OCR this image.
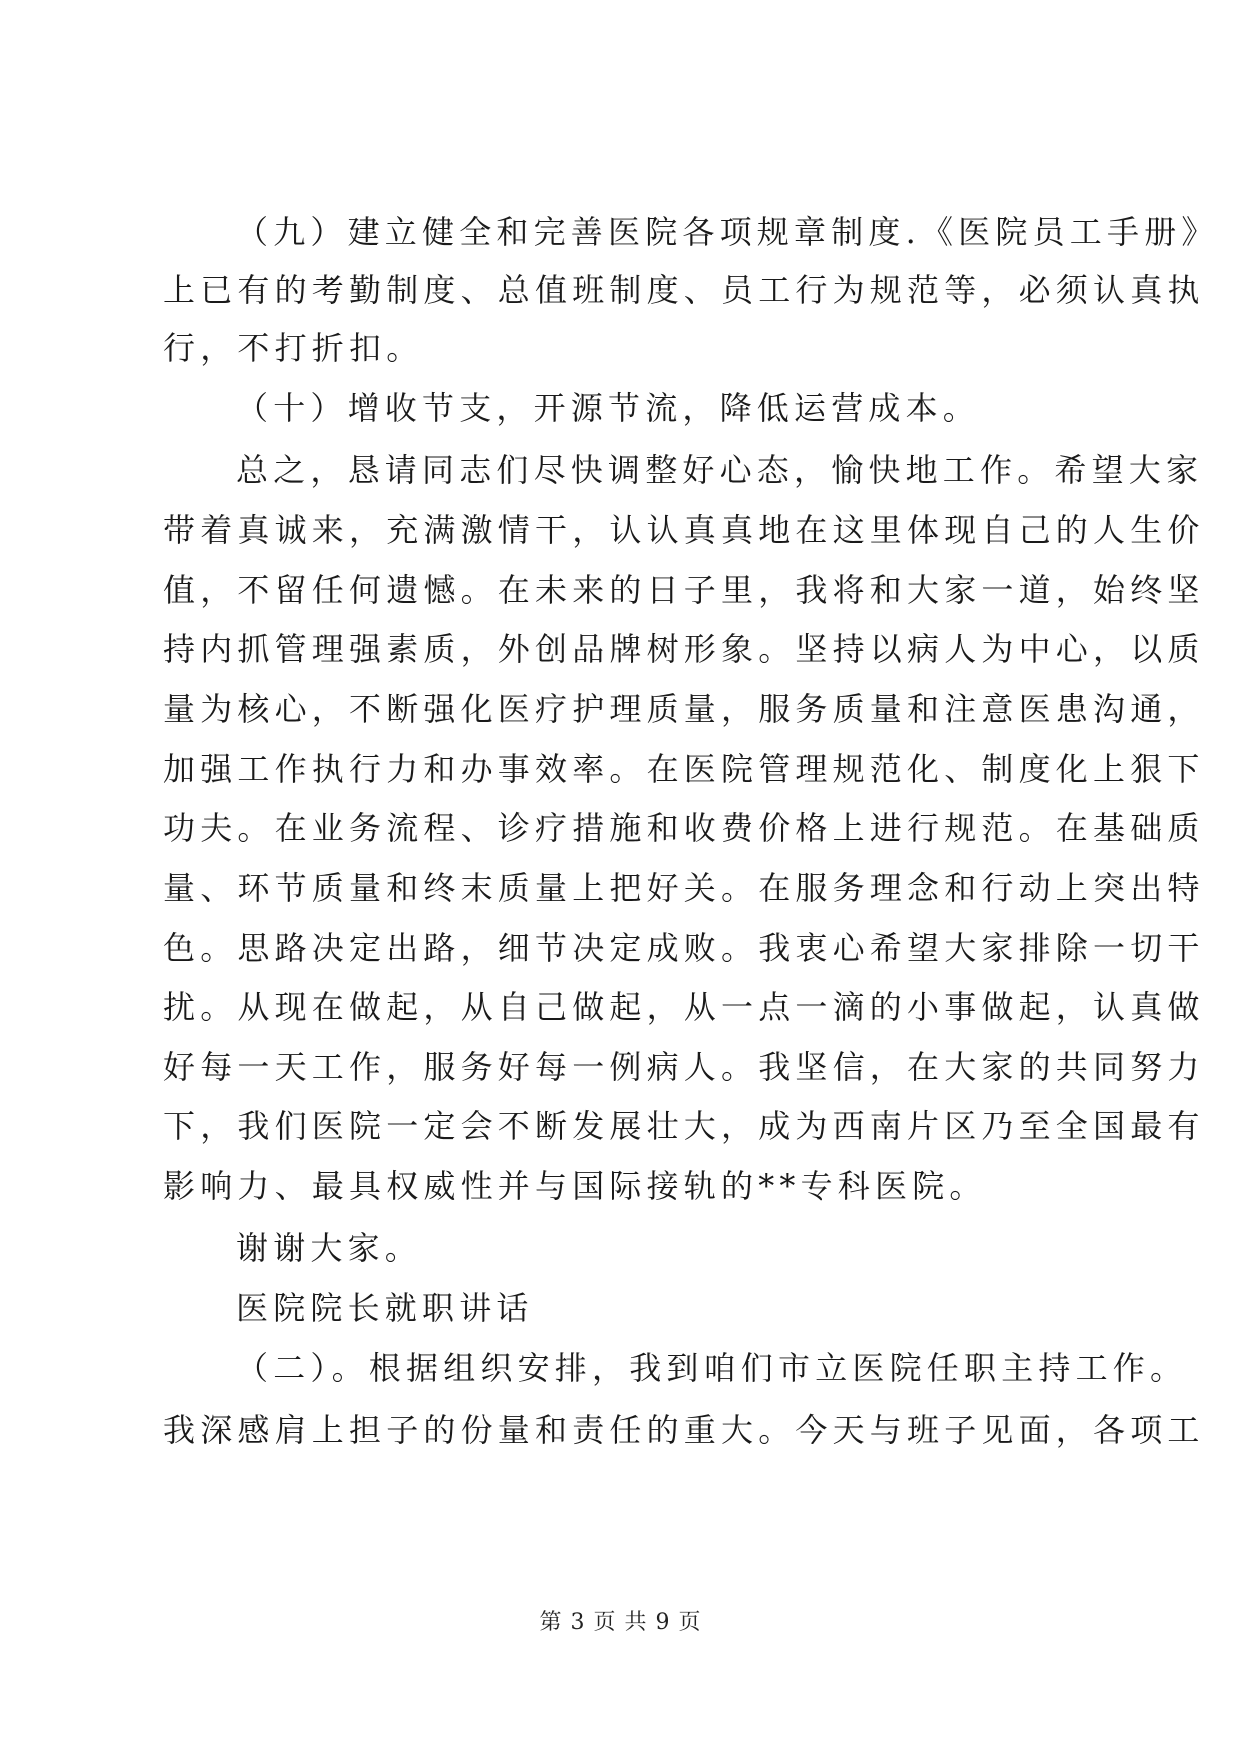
（九）建立健全和完善医院各项规章制度.《医院员工手册》
上已有的考勤制度、总值班制度、员工行为规范等，必须认真执
行，不打折扣。
（十）增收节支，开源节流，降低运营成本。
总之，恳请同志们尽快调整好心态，愉快地工作。希望大家
带着真诚来，充满激情干，认认真真地在这里体现自己的人生价
值，不留任何遗憾。在未来的日子里，我将和大家一道，始终坚
持内抓管理强素质，外创品牌树形象。坚持以病人为中心，以质
量为核心，不断强化医疗护理质量，服务质量和注意医患沟通，
加强工作执行力和办事效率。在医院管理规范化、制度化上狠下
功夫。在业务流程、诊疗措施和收费价格上进行规范。在基础质
量、环节质量和终末质量上把好关。在服务理念和行动上突出特
色。思路决定出路，细节决定成败。我衷心希望大家排除一切干
扰。从现在做起，从自己做起，从一点一滴的小事做起，认真做
好每一天工作，服务好每一例病人。我坚信，在大家的共同努力
下，我们医院一定会不断发展壮大，成为西南片区乃至全国最有
影响力、最具权威性并与国际接轨的**专科医院。
谢谢大家。
医院院长就职讲话
（二）。根据组织安排，我到咱们市立医院任职主持工作。
我深感肩上担子的份量和责任的重大。今天与班子见面，各项工
第 3 页 共 9 页
